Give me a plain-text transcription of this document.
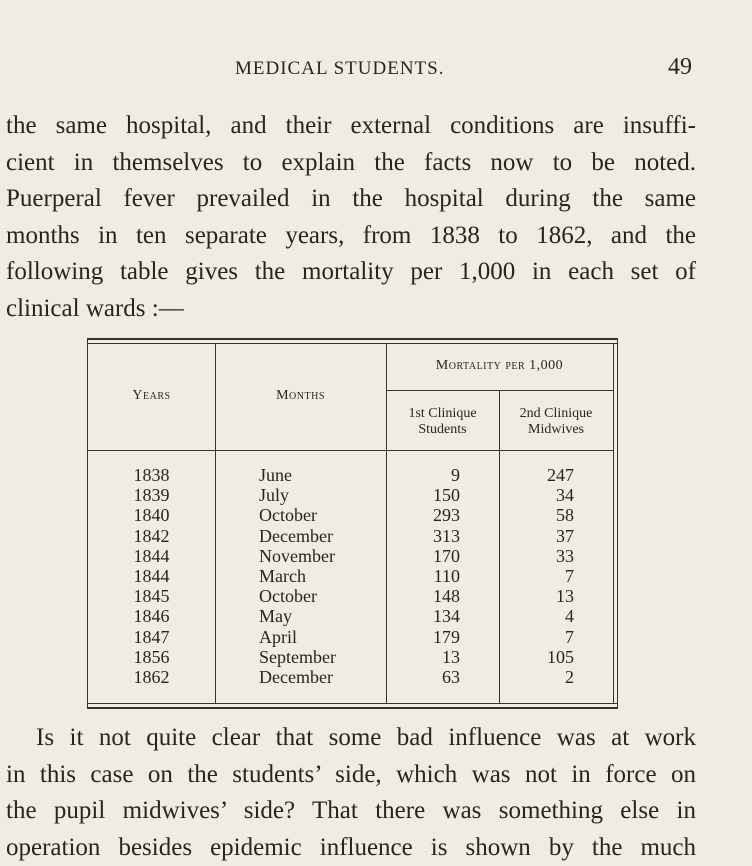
MEDICAL STUDENTS.	49
the same hospital, and their external conditions are insuffi-
cient in themselves to explain the facts now to be noted.
Puerperal fever prevailed in the hospital during the same
months in ten separate years, from 1838 to 1862, and the
following table gives the mortality per 1,000 in each set of
clinical wards :—
Years	Months
Mortality per 1,000
1st Clinique
Students
2nd Clinique
Midwives
1838	June	9	247
1839	July	150	34
1840	October	293	58
1842	December	313	37
1844	November	170	33
1844	March	110	7
1845	October	148	13
1846	May	134	4
1847	April	179	7
1856	September	13	105
1862	December	63	2
Is it not quite clear that some bad influence was at work
in this case on the students’ side, which was not in force on
the pupil midwives’ side? That there was something else in
operation besides epidemic influence is shown by the much
